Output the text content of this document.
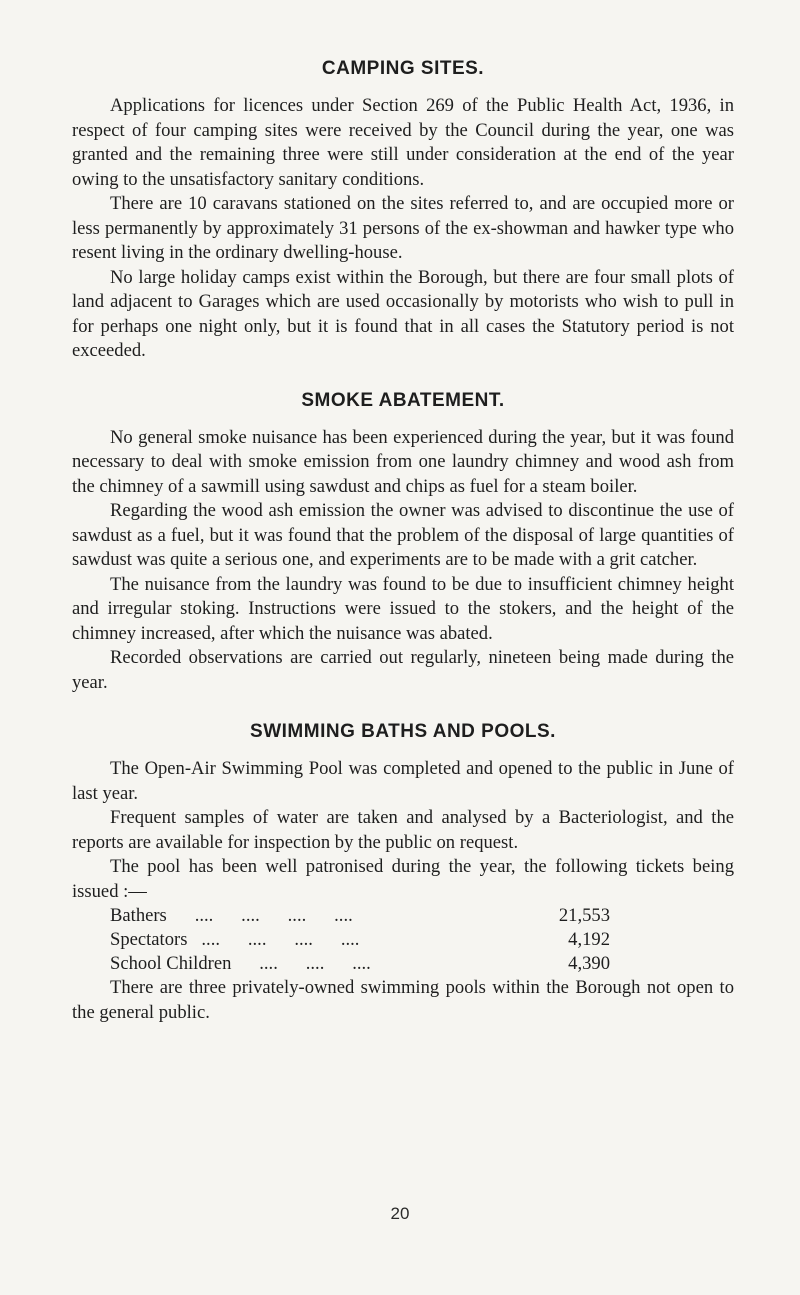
CAMPING SITES.

Applications for licences under Section 269 of the Public Health Act, 1936, in respect of four camping sites were received by the Council during the year, one was granted and the remaining three were still under consideration at the end of the year owing to the unsatisfactory sanitary conditions.

There are 10 caravans stationed on the sites referred to, and are occupied more or less permanently by approximately 31 persons of the ex-showman and hawker type who resent living in the ordinary dwelling-house.

No large holiday camps exist within the Borough, but there are four small plots of land adjacent to Garages which are used occasionally by motorists who wish to pull in for perhaps one night only, but it is found that in all cases the Statutory period is not exceeded.

SMOKE ABATEMENT.

No general smoke nuisance has been experienced during the year, but it was found necessary to deal with smoke emission from one laundry chimney and wood ash from the chimney of a sawmill using sawdust and chips as fuel for a steam boiler.

Regarding the wood ash emission the owner was advised to discontinue the use of sawdust as a fuel, but it was found that the problem of the disposal of large quantities of sawdust was quite a serious one, and experiments are to be made with a grit catcher.

The nuisance from the laundry was found to be due to insufficient chimney height and irregular stoking. Instructions were issued to the stokers, and the height of the chimney increased, after which the nuisance was abated.

Recorded observations are carried out regularly, nineteen being made during the year.

SWIMMING BATHS AND POOLS.

The Open-Air Swimming Pool was completed and opened to the public in June of last year.

Frequent samples of water are taken and analysed by a Bacteriologist, and the reports are available for inspection by the public on request.

The pool has been well patronised during the year, the following tickets being issued :—

Bathers      ....      ....      ....      ....	21,553
Spectators   ....      ....      ....      ....	4,192
School Children      ....      ....      ....	4,390

There are three privately-owned swimming pools within the Borough not open to the general public.

20
